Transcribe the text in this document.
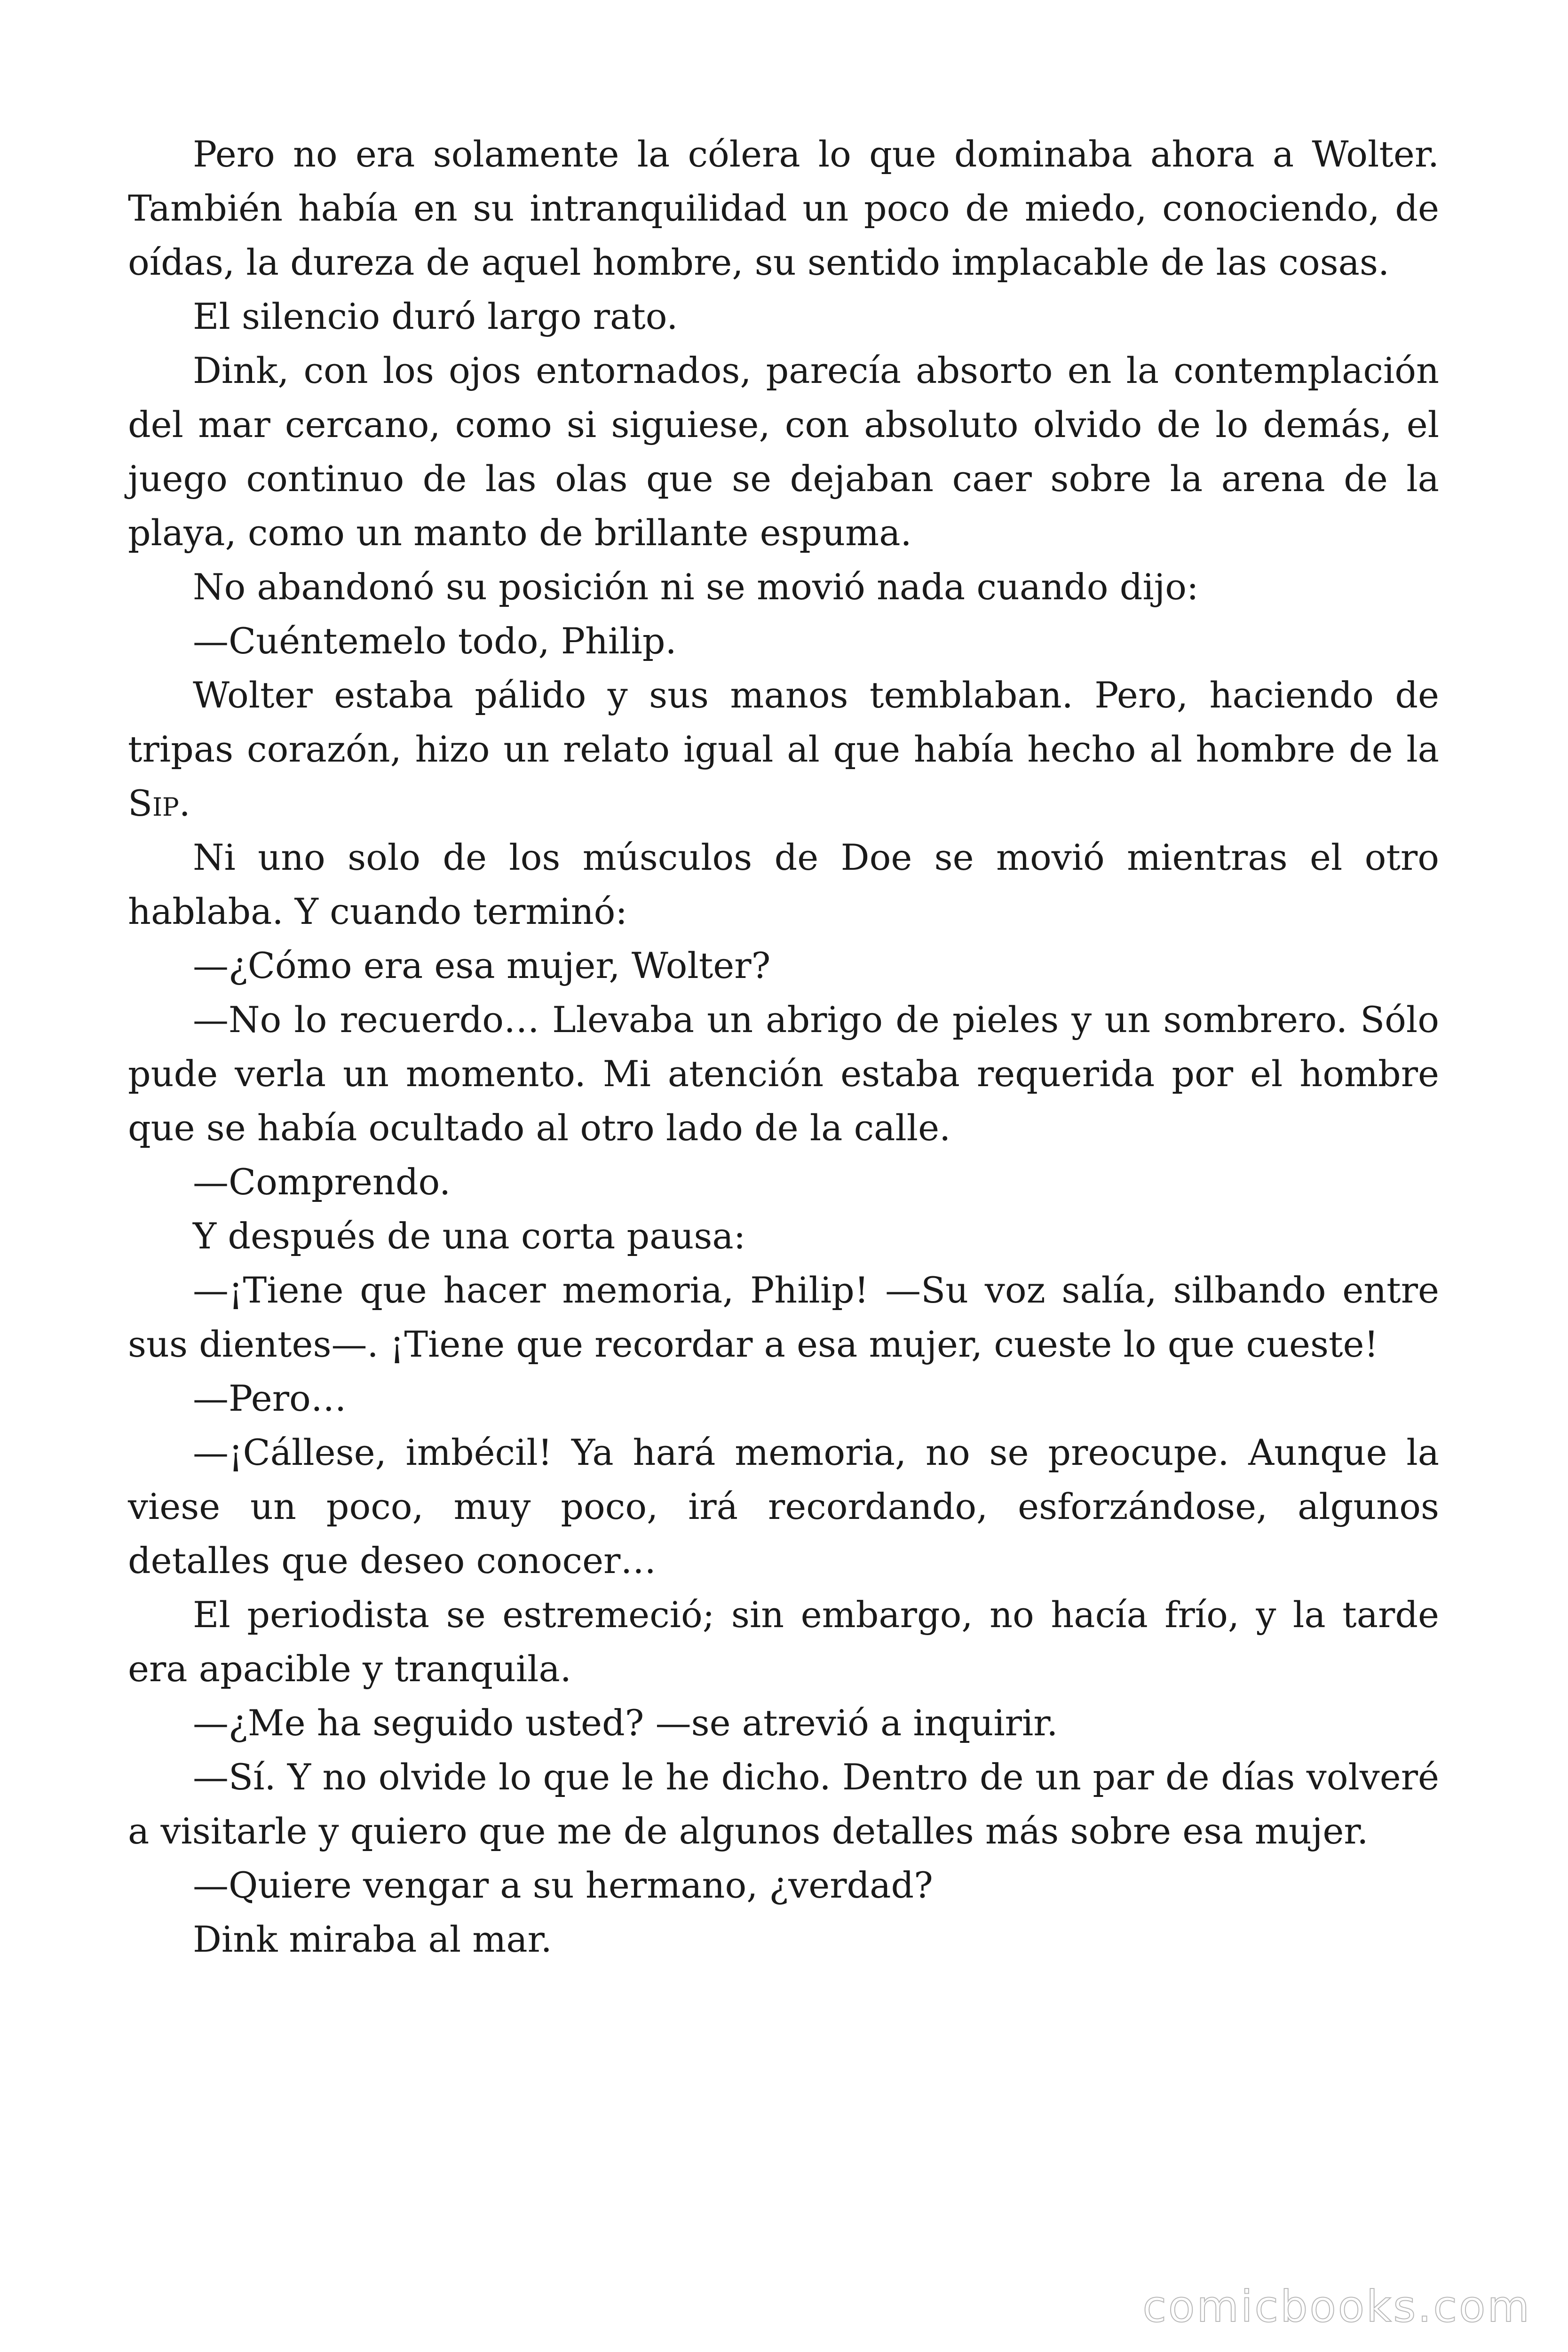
Pero no era solamente la cólera lo que dominaba ahora a Wolter. También había en su intranquilidad un poco de miedo, conociendo, de oídas, la dureza de aquel hombre, su sentido implacable de las cosas.

El silencio duró largo rato.

Dink, con los ojos entornados, parecía absorto en la contemplación del mar cercano, como si siguiese, con absoluto olvido de lo demás, el juego continuo de las olas que se dejaban caer sobre la arena de la playa, como un manto de brillante espuma.

No abandonó su posición ni se movió nada cuando dijo:

—Cuéntemelo todo, Philip.

Wolter estaba pálido y sus manos temblaban. Pero, haciendo de tripas corazón, hizo un relato igual al que había hecho al hombre de la Sip.

Ni uno solo de los músculos de Doe se movió mientras el otro hablaba. Y cuando terminó:

—¿Cómo era esa mujer, Wolter?

—No lo recuerdo… Llevaba un abrigo de pieles y un sombrero. Sólo pude verla un momento. Mi atención estaba requerida por el hombre que se había ocultado al otro lado de la calle.

—Comprendo.

Y después de una corta pausa:

—¡Tiene que hacer memoria, Philip! —Su voz salía, silbando entre sus dientes—. ¡Tiene que recordar a esa mujer, cueste lo que cueste!

—Pero…

—¡Cállese, imbécil! Ya hará memoria, no se preocupe. Aunque la viese un poco, muy poco, irá recordando, esforzándose, algunos detalles que deseo conocer…

El periodista se estremeció; sin embargo, no hacía frío, y la tarde era apacible y tranquila.

—¿Me ha seguido usted? —se atrevió a inquirir.

—Sí. Y no olvide lo que le he dicho. Dentro de un par de días volveré a visitarle y quiero que me de algunos detalles más sobre esa mujer.

—Quiere vengar a su hermano, ¿verdad?

Dink miraba al mar.

comicbooks.com
